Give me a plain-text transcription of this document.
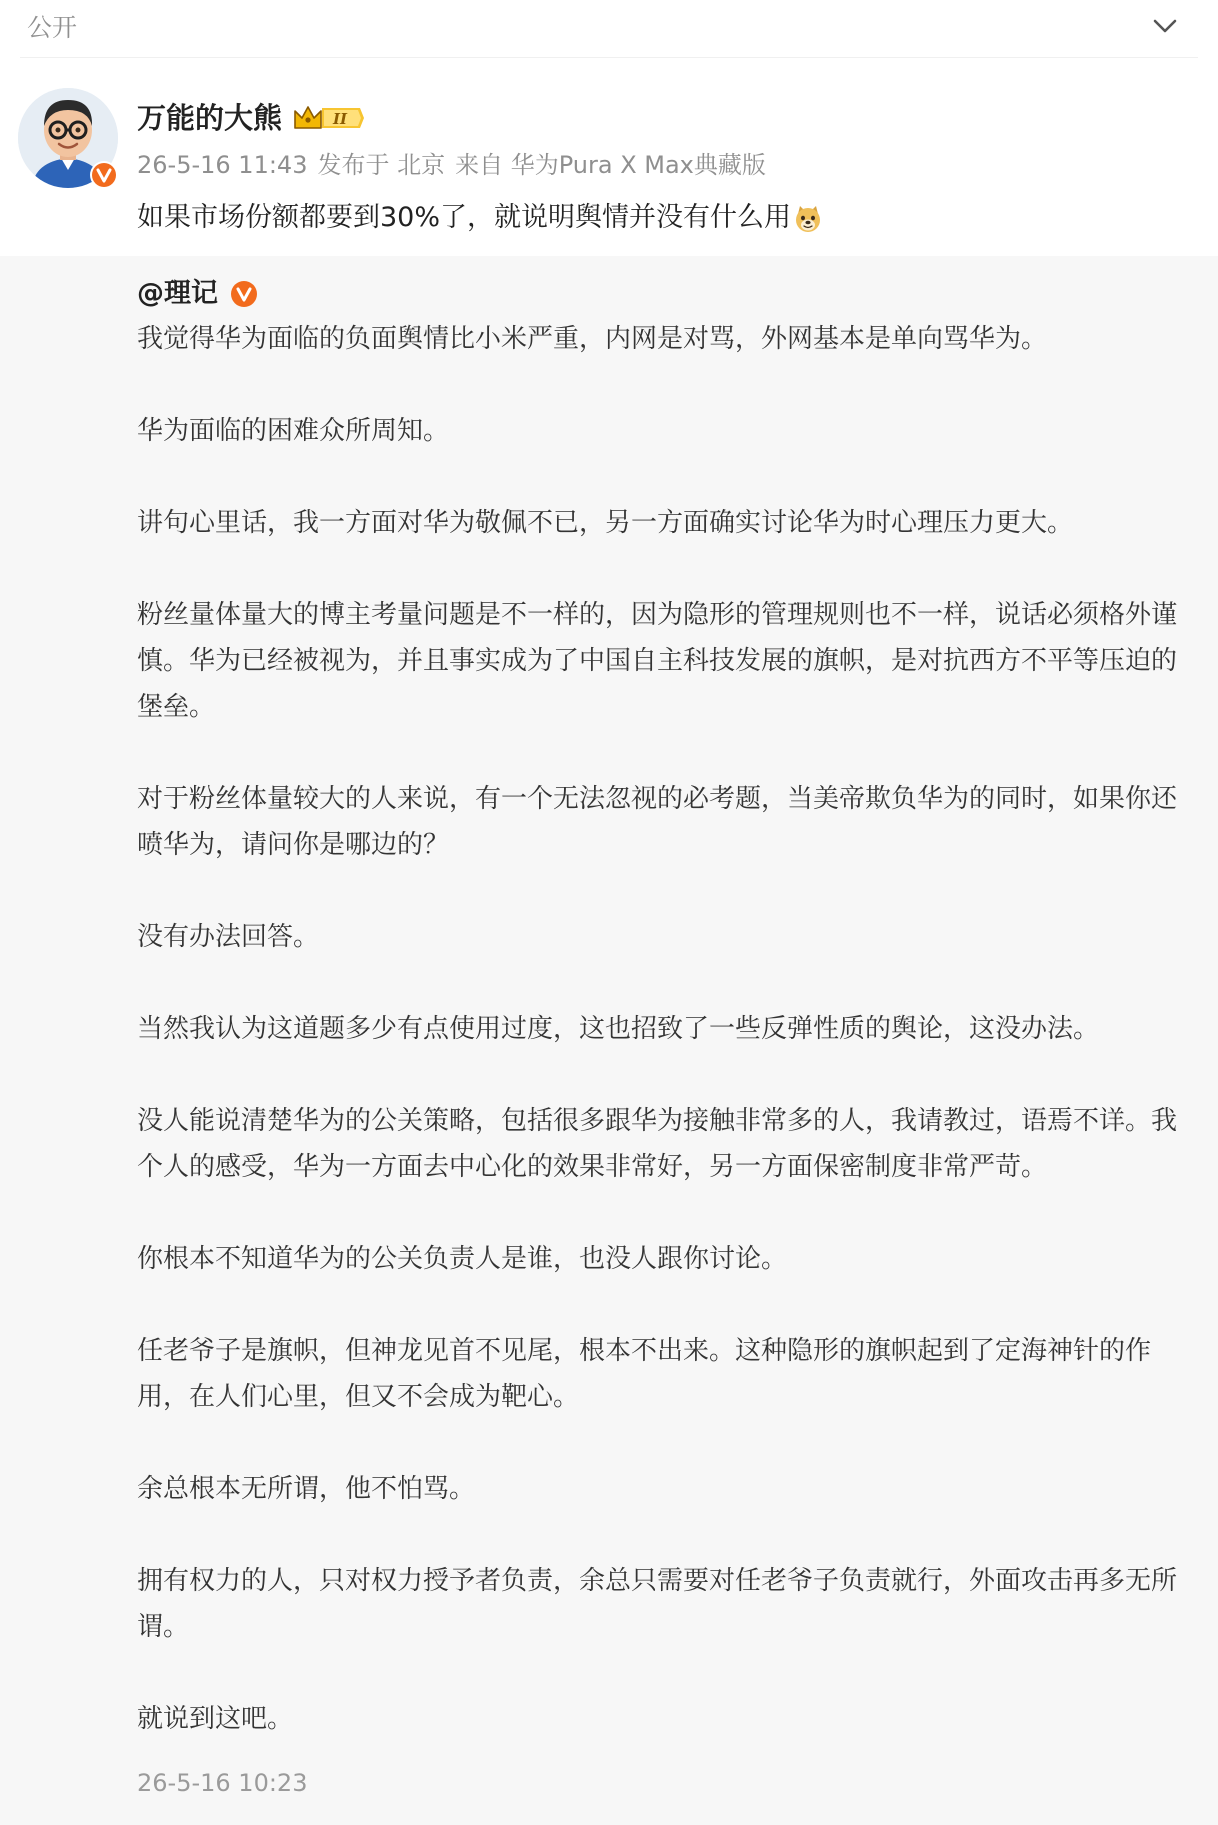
公开
万能的大熊	II
26-5-16 11:43 发布于 北京 来自 华为Pura X Max典藏版
如果市场份额都要到30%了，就说明舆情并没有什么用
@理记

我觉得华为面临的负面舆情比小米严重，内网是对骂，外网基本是单向骂华为。

华为面临的困难众所周知。

讲句心里话，我一方面对华为敬佩不已，另一方面确实讨论华为时心理压力更大。

粉丝量体量大的博主考量问题是不一样的，因为隐形的管理规则也不一样，说话必须格外谨慎。华为已经被视为，并且事实成为了中国自主科技发展的旗帜，是对抗西方不平等压迫的堡垒。

对于粉丝体量较大的人来说，有一个无法忽视的必考题，当美帝欺负华为的同时，如果你还喷华为，请问你是哪边的？

没有办法回答。

当然我认为这道题多少有点使用过度，这也招致了一些反弹性质的舆论，这没办法。

没人能说清楚华为的公关策略，包括很多跟华为接触非常多的人，我请教过，语焉不详。我个人的感受，华为一方面去中心化的效果非常好，另一方面保密制度非常严苛。

你根本不知道华为的公关负责人是谁，也没人跟你讨论。

任老爷子是旗帜，但神龙见首不见尾，根本不出来。这种隐形的旗帜起到了定海神针的作用，在人们心里，但又不会成为靶心。

余总根本无所谓，他不怕骂。

拥有权力的人，只对权力授予者负责，余总只需要对任老爷子负责就行，外面攻击再多无所谓。

就说到这吧。

26-5-16 10:23
